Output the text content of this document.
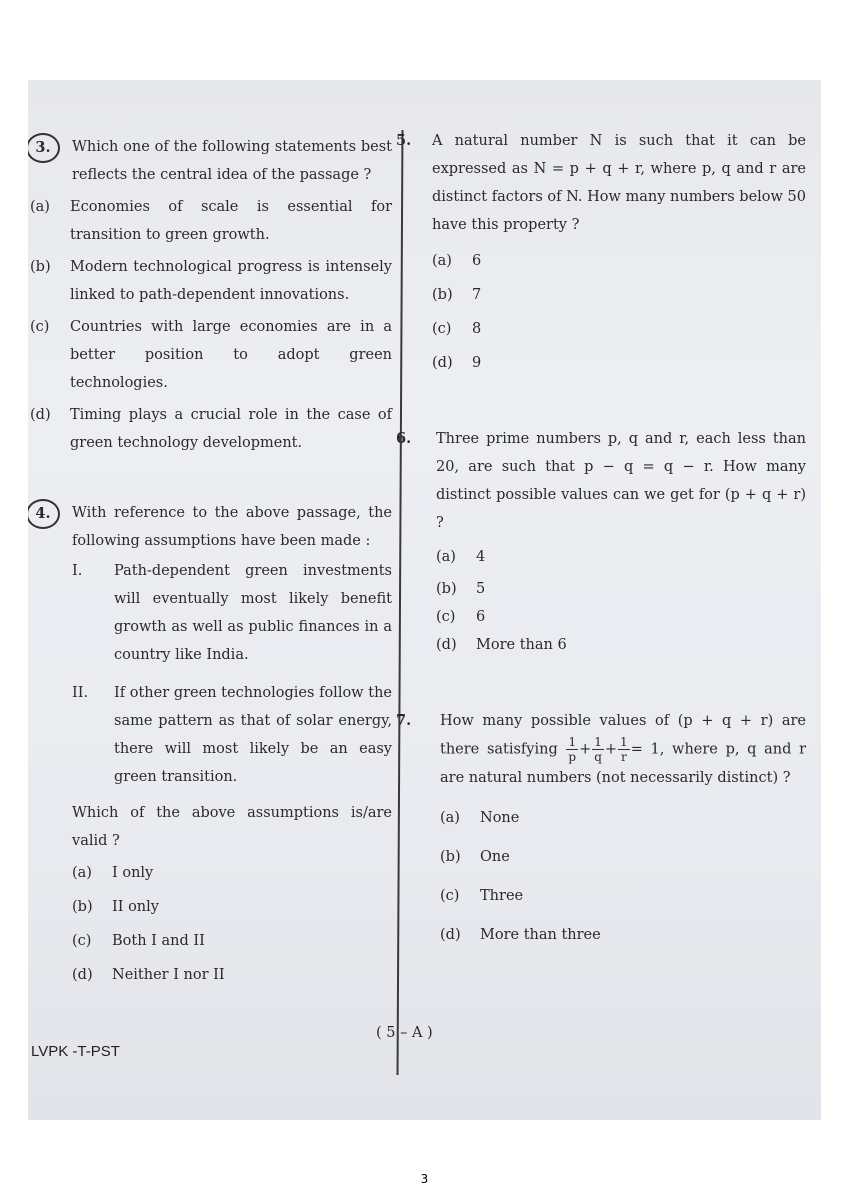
3.	Which one of the following statements best reflects the central idea of the passage ?
(a) Economies of scale is essential for transition to green growth.
(b) Modern technological progress is intensely linked to path-dependent innovations.
(c) Countries with large economies are in a better position to adopt green technologies.
(d) Timing plays a crucial role in the case of green technology development.
4.	With reference to the above passage, the following assumptions have been made :
I. Path-dependent green investments will eventually most likely benefit growth as well as public finances in a country like India.
II. If other green technologies follow the same pattern as that of solar energy, there will most likely be an easy green transition.
Which of the above assumptions is/are valid ?
(a) I only
(b) II only
(c) Both I and II
(d) Neither I nor II
5. A natural number N is such that it can be expressed as N = p + q + r, where p, q and r are distinct factors of N. How many numbers below 50 have this property ?
(a) 6
(b) 7
(c) 8
(d) 9
6. Three prime numbers p, q and r, each less than 20, are such that p − q = q − r. How many distinct possible values can we get for (p + q + r) ?
(a) 4
(b) 5
(c) 6
(d) More than 6
7. How many possible values of (p + q + r) are there satisfying $\frac{1}{p} + \frac{1}{q} + \frac{1}{r} = 1$, where p, q and r are natural numbers (not necessarily distinct) ?
(a) None
(b) One
(c) Three
(d) More than three
( 5 – A )
LVPK -T-PST
3
